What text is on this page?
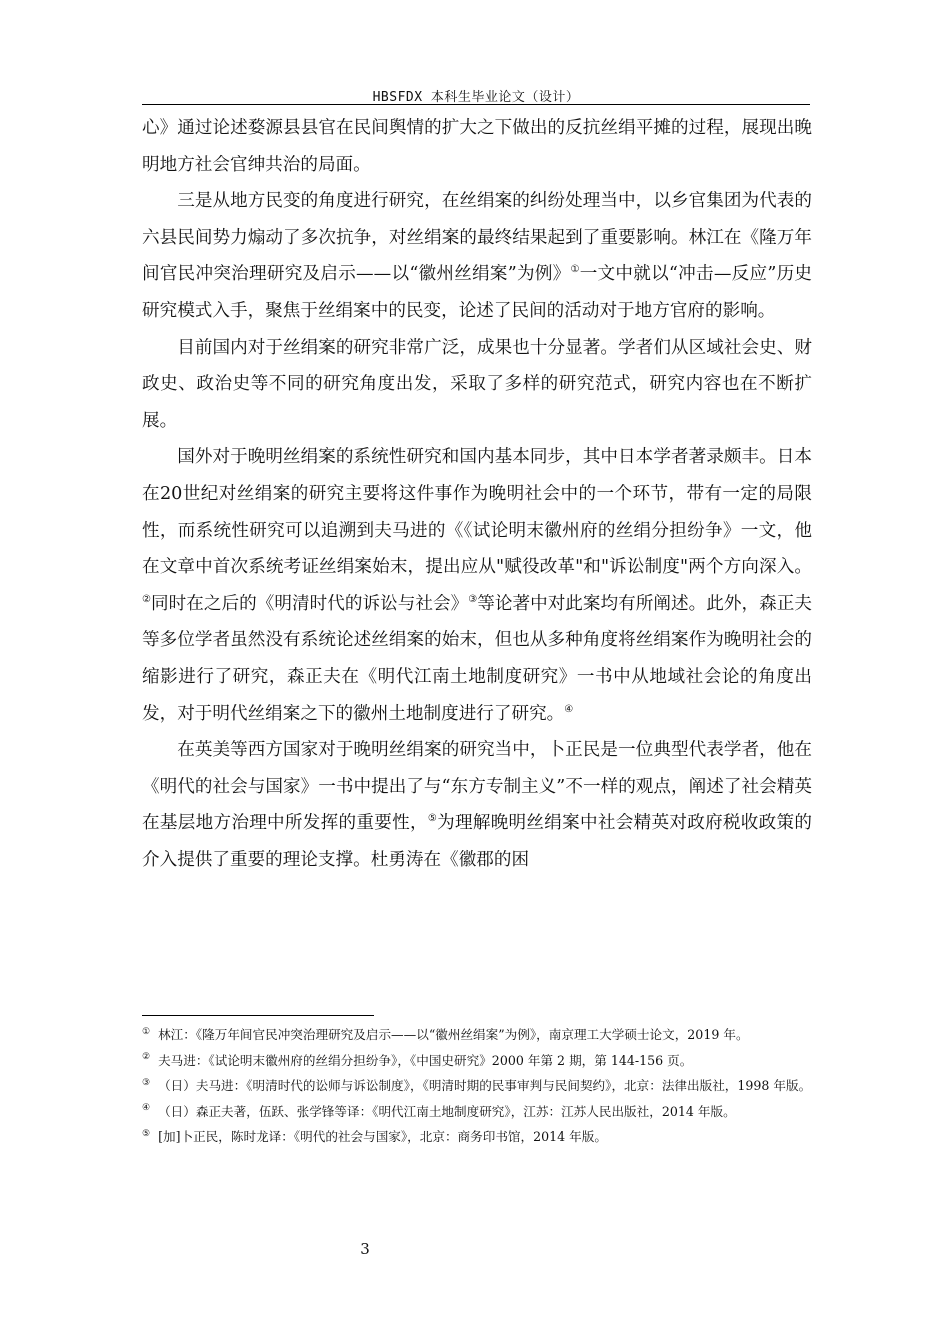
HBSFDX 本科生毕业论文（设计）

心》通过论述婺源县县官在民间舆情的扩大之下做出的反抗丝绢平摊的过程，展现出晚明地方社会官绅共治的局面。

三是从地方民变的角度进行研究，在丝绢案的纠纷处理当中，以乡官集团为代表的六县民间势力煽动了多次抗争，对丝绢案的最终结果起到了重要影响。林江在《隆万年间官民冲突治理研究及启示——以“徽州丝绢案”为例》①一文中就以“冲击—反应”历史研究模式入手，聚焦于丝绢案中的民变，论述了民间的活动对于地方官府的影响。

目前国内对于丝绢案的研究非常广泛，成果也十分显著。学者们从区域社会史、财政史、政治史等不同的研究角度出发，采取了多样的研究范式，研究内容也在不断扩展。

国外对于晚明丝绢案的系统性研究和国内基本同步，其中日本学者著录颇丰。日本在20世纪对丝绢案的研究主要将这件事作为晚明社会中的一个环节，带有一定的局限性，而系统性研究可以追溯到夫马进的《《试论明末徽州府的丝绢分担纷争》一文，他在文章中首次系统考证丝绢案始末，提出应从"赋役改革"和"诉讼制度"两个方向深入。②同时在之后的《明清时代的诉讼与社会》③等论著中对此案均有所阐述。此外，森正夫等多位学者虽然没有系统论述丝绢案的始末，但也从多种角度将丝绢案作为晚明社会的缩影进行了研究，森正夫在《明代江南土地制度研究》一书中从地域社会论的角度出发，对于明代丝绢案之下的徽州土地制度进行了研究。④

在英美等西方国家对于晚明丝绢案的研究当中，卜正民是一位典型代表学者，他在《明代的社会与国家》一书中提出了与“东方专制主义”不一样的观点，阐述了社会精英在基层地方治理中所发挥的重要性，⑤为理解晚明丝绢案中社会精英对政府税收政策的介入提供了重要的理论支撑。杜勇涛在《徽郡的困

① 林江：《隆万年间官民冲突治理研究及启示——以“徽州丝绢案”为例》，南京理工大学硕士论文，2019 年。

② 夫马进：《试论明末徽州府的丝绢分担纷争》，《中国史研究》2000 年第 2 期，第 144-156 页。

③ （日）夫马进：《明清时代的讼师与诉讼制度》，《明清时期的民事审判与民间契约》，北京：法律出版社，1998 年版。

④ （日）森正夫著，伍跃、张学锋等译：《明代江南土地制度研究》，江苏：江苏人民出版社，2014 年版。

⑤ [加]卜正民，陈时龙译：《明代的社会与国家》，北京：商务印书馆，2014 年版。

3
